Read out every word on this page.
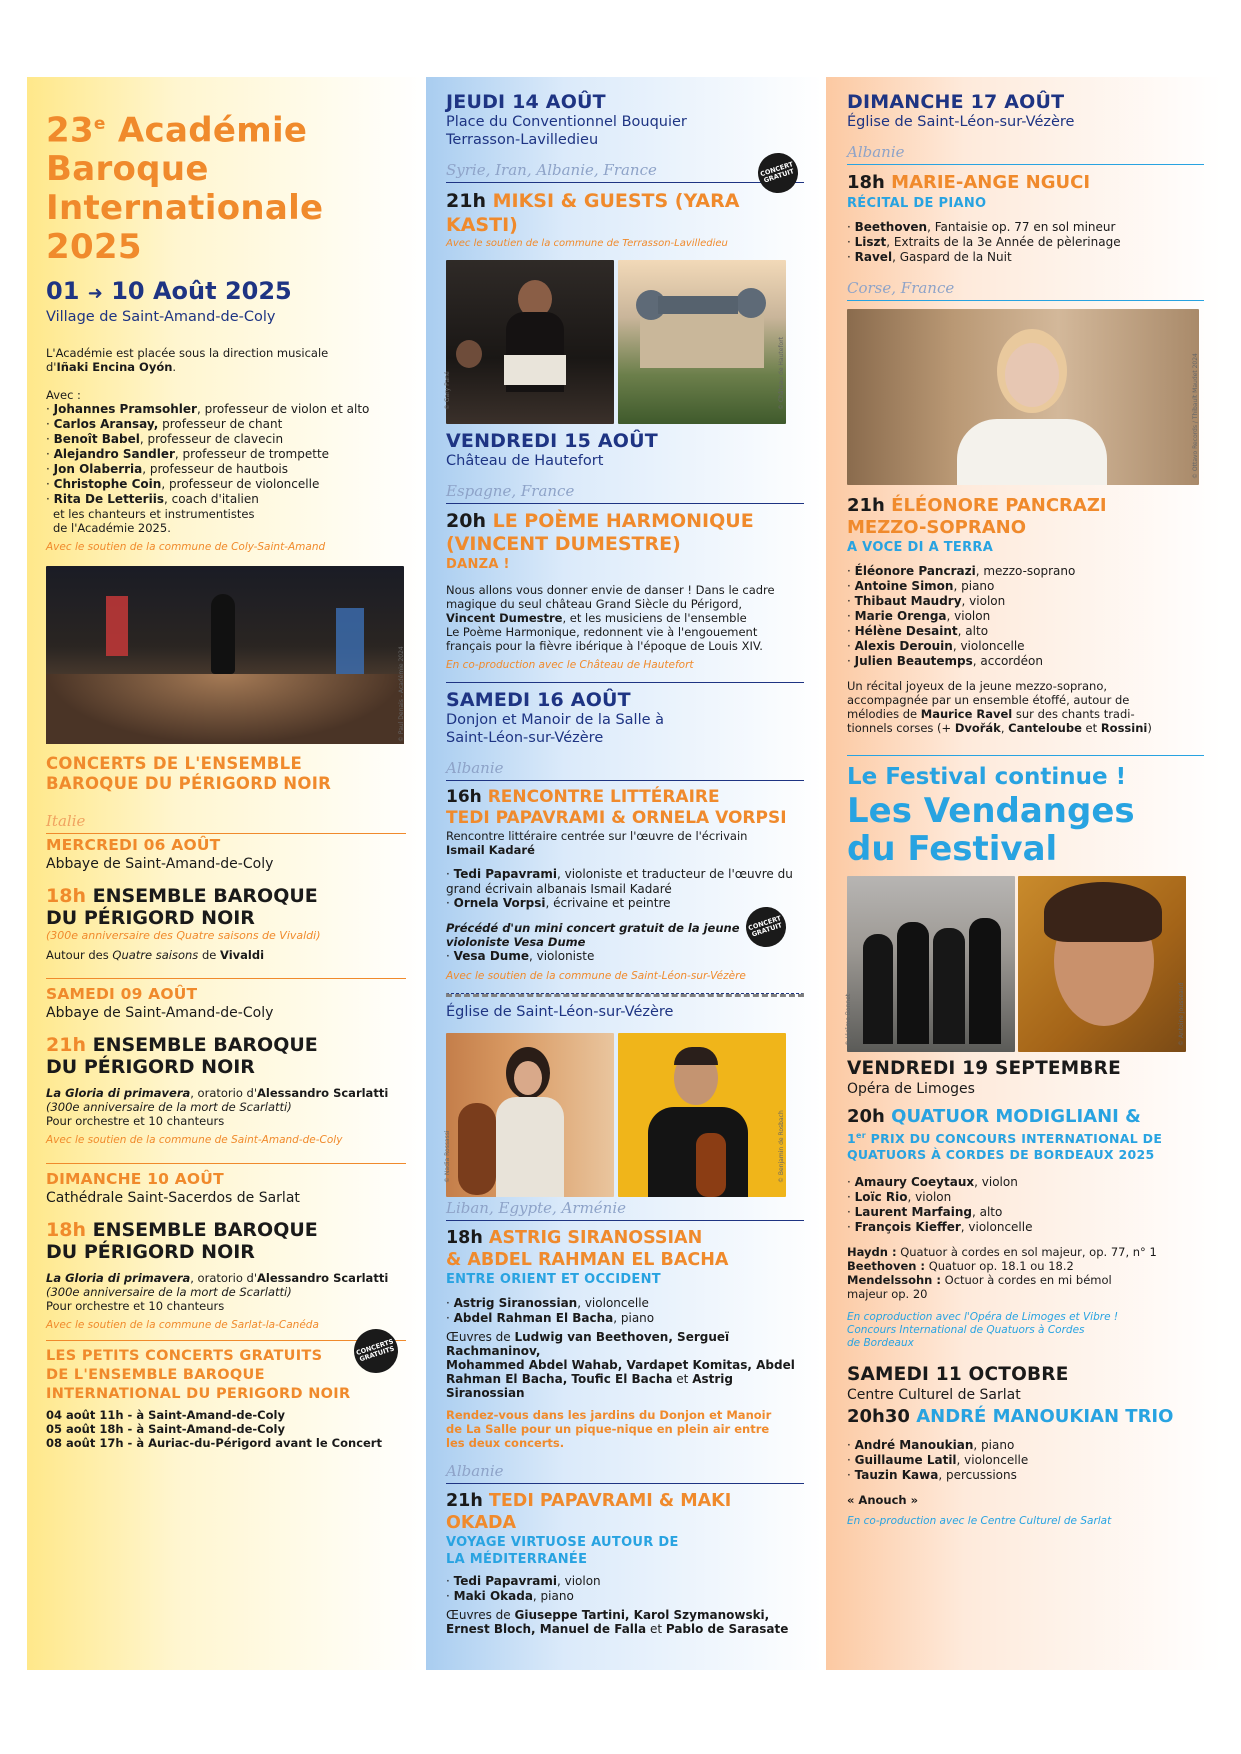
23e Académie
Baroque
Internationale
2025
01 ➜ 10 Août 2025
Village de Saint-Amand-de-Coly
L'Académie est placée sous la direction musicale
d'Iñaki Encina Oyón.
Avec :
· Johannes Pramsohler, professeur de violon et alto
· Carlos Aransay, professeur de chant
· Benoît Babel, professeur de clavecin
· Alejandro Sandler, professeur de trompette
· Jon Olaberria, professeur de hautbois
· Christophe Coin, professeur de violoncelle
· Rita De Letteriis, coach d'italien
et les chanteurs et instrumentistes
de l'Académie 2025.
Avec le soutien de la commune de Coly-Saint-Amand
© Paul Denais - Académie 2024
CONCERTS DE L'ENSEMBLE
BAROQUE DU PÉRIGORD NOIR
Italie
MERCREDI 06 AOÛT
Abbaye de Saint-Amand-de-Coly
18h ENSEMBLE BAROQUE
DU PÉRIGORD NOIR
(300e anniversaire des Quatre saisons de Vivaldi)
Autour des Quatre saisons de Vivaldi
SAMEDI 09 AOÛT
Abbaye de Saint-Amand-de-Coly
21h ENSEMBLE BAROQUE
DU PÉRIGORD NOIR
La Gloria di primavera, oratorio d'Alessandro Scarlatti
(300e anniversaire de la mort de Scarlatti)
Pour orchestre et 10 chanteurs
Avec le soutien de la commune de Saint-Amand-de-Coly
DIMANCHE 10 AOÛT
Cathédrale Saint-Sacerdos de Sarlat
18h ENSEMBLE BAROQUE
DU PÉRIGORD NOIR
La Gloria di primavera, oratorio d'Alessandro Scarlatti
(300e anniversaire de la mort de Scarlatti)
Pour orchestre et 10 chanteurs
Avec le soutien de la commune de Sarlat-la-Canéda
LES PETITS CONCERTS GRATUITS
DE L'ENSEMBLE BAROQUE
INTERNATIONAL DU PERIGORD NOIR
CONCERTS GRATUITS
04 août 11h - à Saint-Amand-de-Coly
05 août 18h - à Saint-Amand-de-Coly
08 août 17h - à Auriac-du-Périgord avant le Concert
JEUDI 14 AOÛT
Place du Conventionnel Bouquier
Terrasson-Lavilledieu
Syrie, Iran, Albanie, France	CONCERT GRATUIT
21h MIKSI & GUESTS (YARA KASTI)
Avec le soutien de la commune de Terrasson-Lavilledieu
© Gary Pané	© Château de Hautefort
VENDREDI 15 AOÛT
Château de Hautefort
Espagne, France
20h LE POÈME HARMONIQUE
(VINCENT DUMESTRE)
DANZA !
Nous allons vous donner envie de danser ! Dans le cadre
magique du seul château Grand Siècle du Périgord,
Vincent Dumestre, et les musiciens de l'ensemble
Le Poème Harmonique, redonnent vie à l'engouement
français pour la fièvre ibérique à l'époque de Louis XIV.
En co-production avec le Château de Hautefort
SAMEDI 16 AOÛT
Donjon et Manoir de la Salle à
Saint-Léon-sur-Vézère
Albanie
16h RENCONTRE LITTÉRAIRE
TEDI PAPAVRAMI & ORNELA VORPSI
Rencontre littéraire centrée sur l'œuvre de l'écrivain
Ismail Kadaré
· Tedi Papavrami, violoniste et traducteur de l'œuvre du
grand écrivain albanais Ismail Kadaré
· Ornela Vorpsi, écrivaine et peintre
Précédé d'un mini concert gratuit de la jeune
violoniste Vesa Dume
CONCERT GRATUIT
· Vesa Dume, violoniste
Avec le soutien de la commune de Saint-Léon-sur-Vézère
Église de Saint-Léon-sur-Vézère
© Nadia Rossassi	© Benjamin de Rosbach
Liban, Egypte, Arménie
18h ASTRIG SIRANOSSIAN
& ABDEL RAHMAN EL BACHA
ENTRE ORIENT ET OCCIDENT
· Astrig Siranossian, violoncelle
· Abdel Rahman El Bacha, piano
Œuvres de Ludwig van Beethoven, Sergueï Rachmaninov,
Mohammed Abdel Wahab, Vardapet Komitas, Abdel
Rahman El Bacha, Toufic El Bacha et Astrig Siranossian
Rendez-vous dans les jardins du Donjon et Manoir
de La Salle pour un pique-nique en plein air entre
les deux concerts.
Albanie
21h TEDI PAPAVRAMI & MAKI OKADA
VOYAGE VIRTUOSE AUTOUR DE
LA MÉDITERRANÉE
· Tedi Papavrami, violon
· Maki Okada, piano
Œuvres de Giuseppe Tartini, Karol Szymanowski,
Ernest Bloch, Manuel de Falla et Pablo de Sarasate
DIMANCHE 17 AOÛT
Église de Saint-Léon-sur-Vézère
Albanie
18h MARIE-ANGE NGUCI
RÉCITAL DE PIANO
· Beethoven, Fantaisie op. 77 en sol mineur
· Liszt, Extraits de la 3e Année de pèlerinage
· Ravel, Gaspard de la Nuit
Corse, France
© Ottavo Records / Thibault Maudet 2024
21h ÉLÉONORE PANCRAZI
MEZZO-SOPRANO
A VOCE DI A TERRA
· Éléonore Pancrazi, mezzo-soprano
· Antoine Simon, piano
· Thibaut Maudry, violon
· Marie Orenga, violon
· Hélène Desaint, alto
· Alexis Derouin, violoncelle
· Julien Beautemps, accordéon
Un récital joyeux de la jeune mezzo-soprano,
accompagnée par un ensemble étoffé, autour de
mélodies de Maurice Ravel sur des chants tradi-
tionnels corses (+ Dvořák, Canteloube et Rossini)
Le Festival continue !
Les Vendanges
du Festival
© Jérôme Bonnet	© Antoine Jousseaud
VENDREDI 19 SEPTEMBRE
Opéra de Limoges
20h QUATUOR MODIGLIANI &
1er PRIX DU CONCOURS INTERNATIONAL DE
QUATUORS À CORDES DE BORDEAUX 2025
· Amaury Coeytaux, violon
· Loïc Rio, violon
· Laurent Marfaing, alto
· François Kieffer, violoncelle
Haydn : Quatuor à cordes en sol majeur, op. 77, n° 1
Beethoven : Quatuor op. 18.1 ou 18.2
Mendelssohn : Octuor à cordes en mi bémol
majeur op. 20
En coproduction avec l'Opéra de Limoges et Vibre !
Concours International de Quatuors à Cordes
de Bordeaux
SAMEDI 11 OCTOBRE
Centre Culturel de Sarlat
20h30 ANDRÉ MANOUKIAN TRIO
· André Manoukian, piano
· Guillaume Latil, violoncelle
· Tauzin Kawa, percussions
« Anouch »
En co-production avec le Centre Culturel de Sarlat
